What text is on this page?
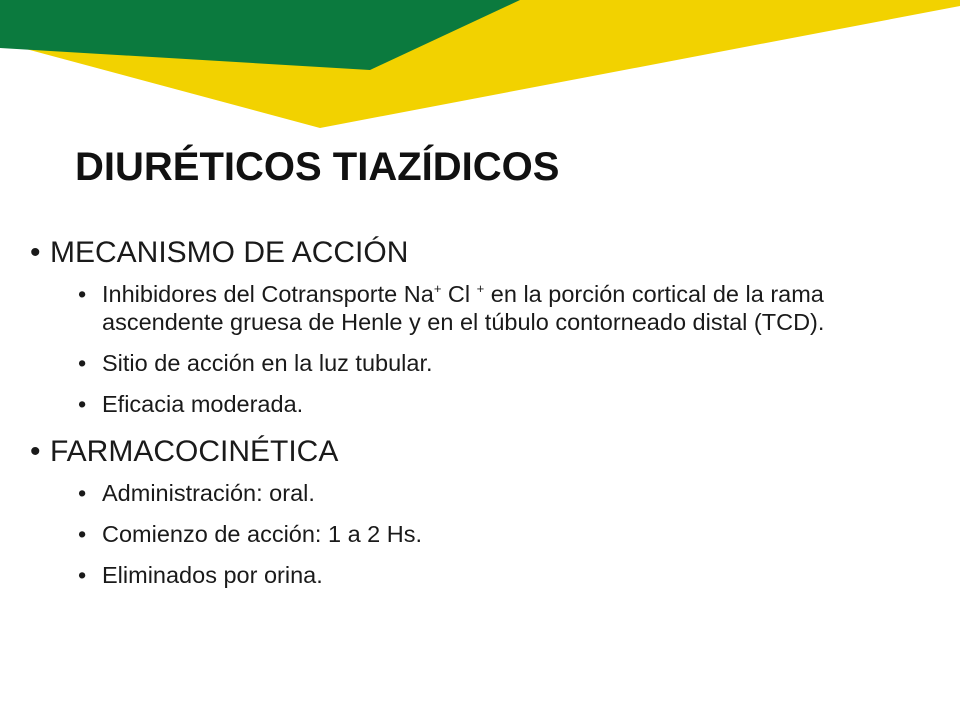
DIURÉTICOS TIAZÍDICOS
• MECANISMO DE ACCIÓN
• Inhibidores del Cotransporte Na+ Cl + en la porción cortical de la rama ascendente gruesa de Henle y en el túbulo contorneado distal (TCD).
• Sitio de acción en la luz tubular.
• Eficacia moderada.
• FARMACOCINÉTICA
• Administración: oral.
• Comienzo de acción: 1 a 2 Hs.
• Eliminados por orina.
